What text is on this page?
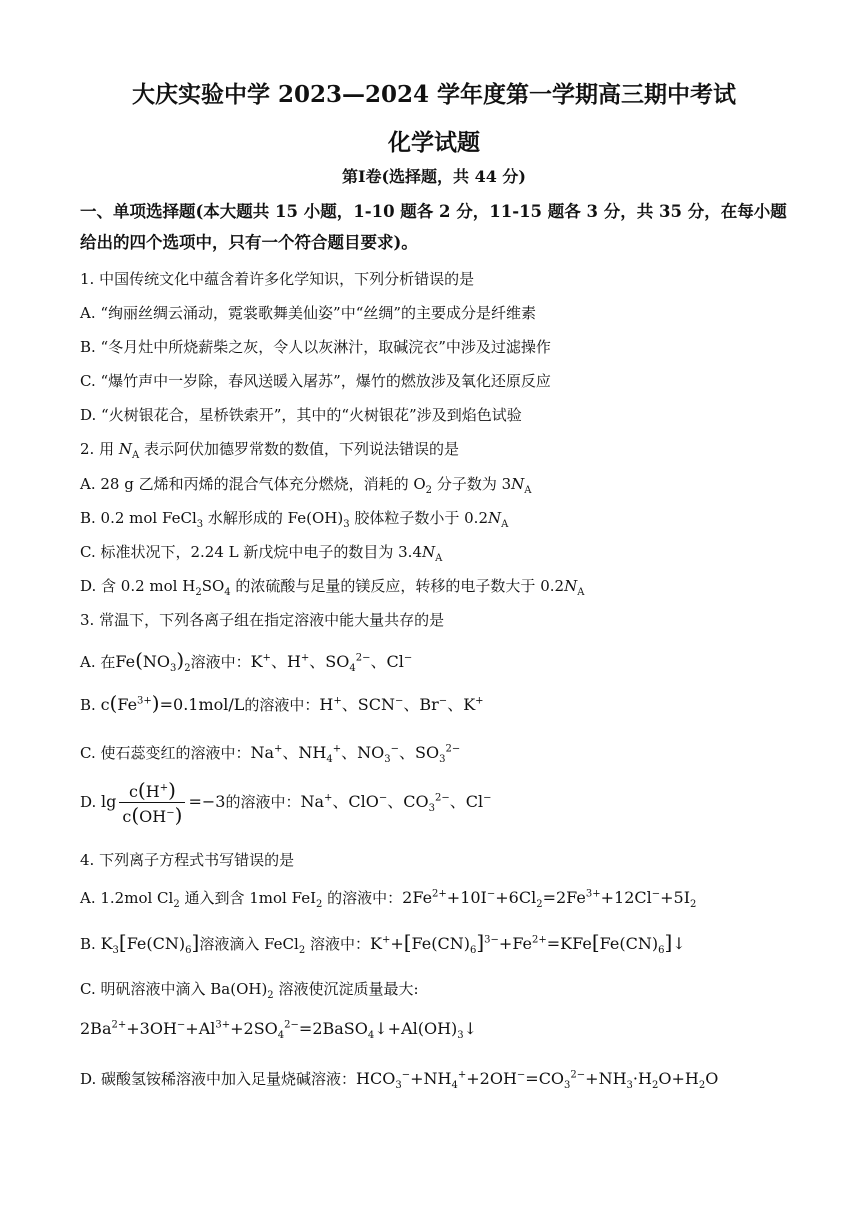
大庆实验中学 2023—2024 学年度第一学期高三期中考试
化学试题
第Ⅰ卷(选择题，共 44 分)
一、单项选择题(本大题共 15 小题，1-10 题各 2 分，11-15 题各 3 分，共 35 分，在每小题给出的四个选项中，只有一个符合题目要求)。
1. 中国传统文化中蕴含着许多化学知识，下列分析错误的是
A. “绚丽丝绸云涌动，霓裳歌舞美仙姿”中“丝绸”的主要成分是纤维素
B. “冬月灶中所烧薪柴之灰，令人以灰淋汁，取碱浣衣”中涉及过滤操作
C. “爆竹声中一岁除，春风送暖入屠苏”，爆竹的燃放涉及氧化还原反应
D. “火树银花合，星桥铁索开”，其中的“火树银花”涉及到焰色试验
2. 用 $N_A$ 表示阿伏加德罗常数的数值，下列说法错误的是
A. 28 g 乙烯和丙烯的混合气体充分燃烧，消耗的 $O_2$ 分子数为 $3N_A$
B. 0.2 mol FeCl$_3$ 水解形成的 $Fe(OH)_3$ 胶体粒子数小于 $0.2N_A$
C. 标准状况下，2.24 L 新戊烷中电子的数目为 $3.4N_A$
D. 含 0.2 mol $H_2SO_4$ 的浓硫酸与足量的镁反应，转移的电子数大于 $0.2N_A$
3. 常温下，下列各离子组在指定溶液中能大量共存的是
A. 在$Fe(NO_3)_2$溶液中：K+、H+、$SO_4^{2-}$、Cl−
B. $c(Fe^{3+})=0.1mol/L$的溶液中：H+、SCN−、Br−、K+
C. 使石蕊变红的溶液中：Na+、$NH_4^+$、$NO_3^-$、$SO_3^{2-}$
D. $\lg \frac{c(H^+)}{c(OH^-)} =-3$的溶液中：Na+、ClO−、$CO_3^{2-}$、Cl−
4. 下列离子方程式书写错误的是
A. 1.2mol $Cl_2$ 通入到含 1mol FeI$_2$ 的溶液中：$2Fe^{2+}+10I^-+6Cl_2=2Fe^{3+}+12Cl^-+5I_2$
B. $K_3[Fe(CN)_6]$溶液滴入 FeCl$_2$ 溶液中：$K^++[Fe(CN)_6]^{3-}+Fe^{2+}=KFe[Fe(CN)_6]↓$
C. 明矾溶液中滴入 $Ba(OH)_2$ 溶液使沉淀质量最大:
$2Ba^{2+}+3OH^-+Al^{3+}+2SO_4^{2-}=2BaSO_4↓+Al(OH)_3↓$
D. 碳酸氢铵稀溶液中加入足量烧碱溶液：$HCO_3^-+NH_4^++2OH^-=CO_3^{2-}+NH_3\cdot H_2O+H_2O$
